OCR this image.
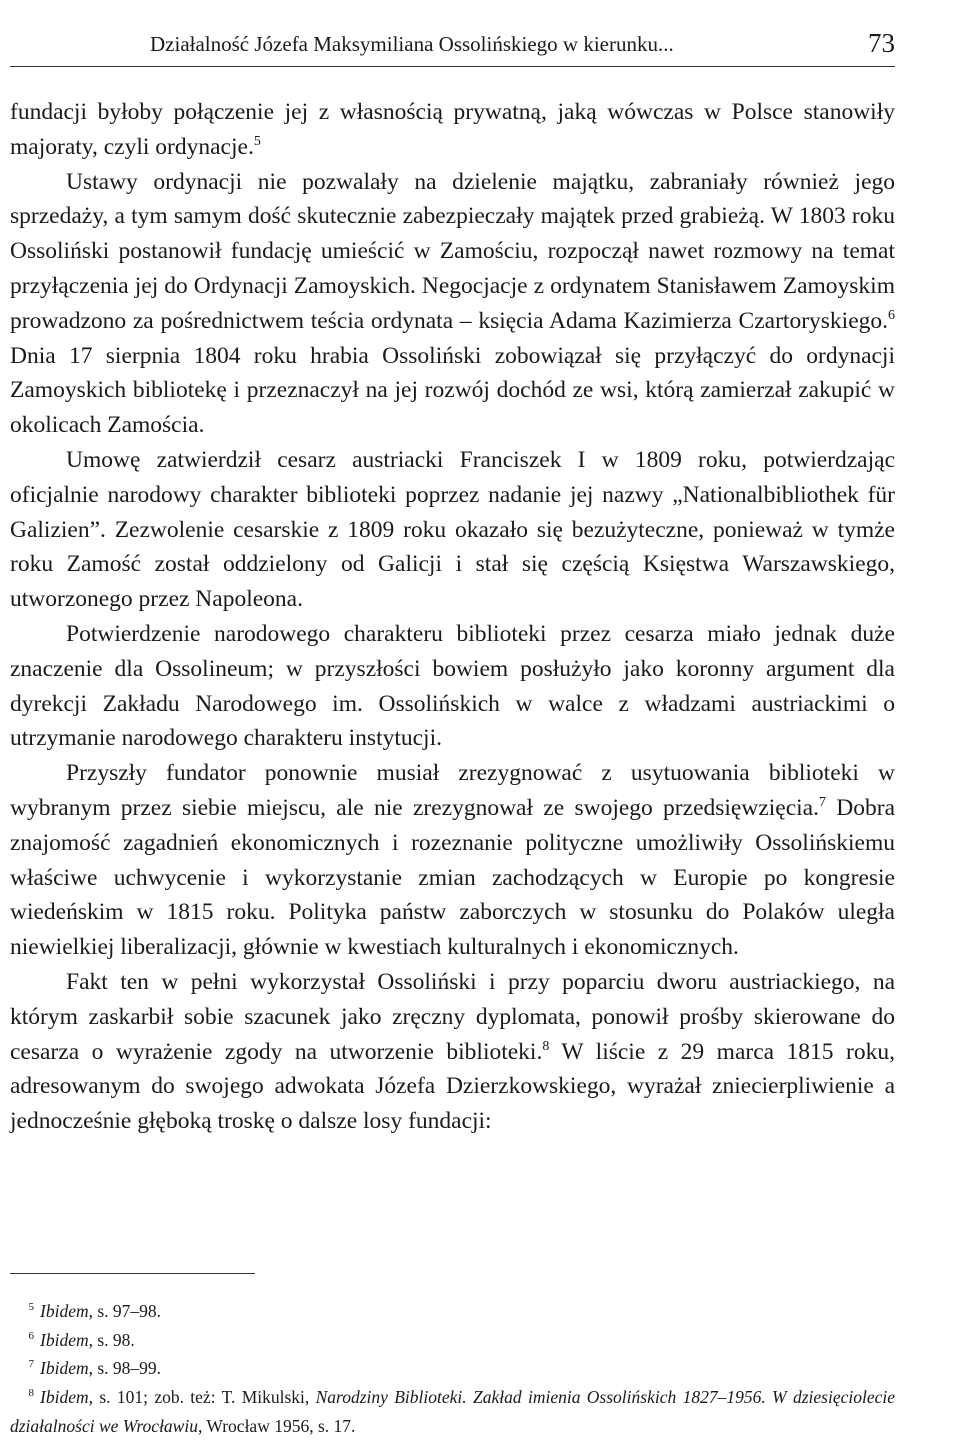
Działalność Józefa Maksymiliana Ossolińskiego w kierunku...	73

fundacji byłoby połączenie jej z własnością prywatną, jaką wówczas w Polsce stanowiły majoraty, czyli ordynacje.$^5$

Ustawy ordynacji nie pozwalały na dzielenie majątku, zabraniały również jego sprzedaży, a tym samym dość skutecznie zabezpieczały majątek przed grabieżą. W 1803 roku Ossoliński postanowił fundację umieścić w Zamościu, rozpoczął nawet rozmowy na temat przyłączenia jej do Ordynacji Zamoyskich. Negocjacje z ordynatem Stanisławem Zamoyskim prowadzono za pośrednictwem teścia ordynata – księcia Adama Kazimierza Czartoryskiego.$^6$ Dnia 17 sierpnia 1804 roku hrabia Ossoliński zobowiązał się przyłączyć do ordynacji Zamoyskich bibliotekę i przeznaczył na jej rozwój dochód ze wsi, którą zamierzał zakupić w okolicach Zamościa.

Umowę zatwierdził cesarz austriacki Franciszek I w 1809 roku, potwierdzając oficjalnie narodowy charakter biblioteki poprzez nadanie jej nazwy „Nationalbibliothek für Galizien”. Zezwolenie cesarskie z 1809 roku okazało się bezużyteczne, ponieważ w tymże roku Zamość został oddzielony od Galicji i stał się częścią Księstwa Warszawskiego, utworzonego przez Napoleona.

Potwierdzenie narodowego charakteru biblioteki przez cesarza miało jednak duże znaczenie dla Ossolineum; w przyszłości bowiem posłużyło jako koronny argument dla dyrekcji Zakładu Narodowego im. Ossolińskich w walce z władzami austriackimi o utrzymanie narodowego charakteru instytucji.

Przyszły fundator ponownie musiał zrezygnować z usytuowania biblioteki w wybranym przez siebie miejscu, ale nie zrezygnował ze swojego przedsięwzięcia.$^7$ Dobra znajomość zagadnień ekonomicznych i rozeznanie polityczne umożliwiły Ossolińskiemu właściwe uchwycenie i wykorzystanie zmian zachodzących w Europie po kongresie wiedeńskim w 1815 roku. Polityka państw zaborczych w stosunku do Polaków uległa niewielkiej liberalizacji, głównie w kwestiach kulturalnych i ekonomicznych.

Fakt ten w pełni wykorzystał Ossoliński i przy poparciu dworu austriackiego, na którym zaskarbił sobie szacunek jako zręczny dyplomata, ponowił prośby skierowane do cesarza o wyrażenie zgody na utworzenie biblioteki.$^8$ W liście z 29 marca 1815 roku, adresowanym do swojego adwokata Józefa Dzierzkowskiego, wyrażał zniecierpliwienie a jednocześnie głęboką troskę o dalsze losy fundacji:

5 Ibidem, s. 97–98.

6 Ibidem, s. 98.

7 Ibidem, s. 98–99.

8 Ibidem, s. 101; zob. też: T. Mikulski, Narodziny Biblioteki. Zakład imienia Ossolińskich 1827–1956. W dziesięciolecie działalności we Wrocławiu, Wrocław 1956, s. 17.
